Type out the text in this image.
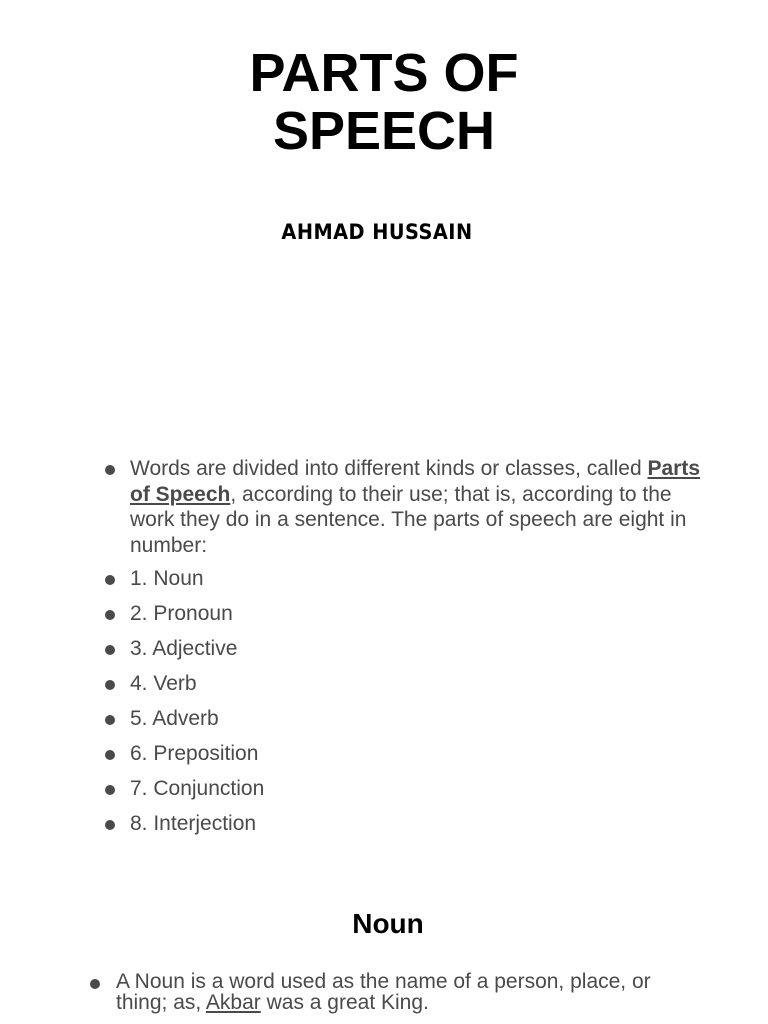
PARTS OF
SPEECH
AHMAD HUSSAIN
Words are divided into different kinds or classes, called Parts of Speech, according to their use; that is, according to the work they do in a sentence. The parts of speech are eight in number:
1. Noun
2. Pronoun
3. Adjective
4. Verb
5. Adverb
6. Preposition
7. Conjunction
8. Interjection
Noun
A Noun is a word used as the name of a person, place, or thing; as, Akbar was a great King.
